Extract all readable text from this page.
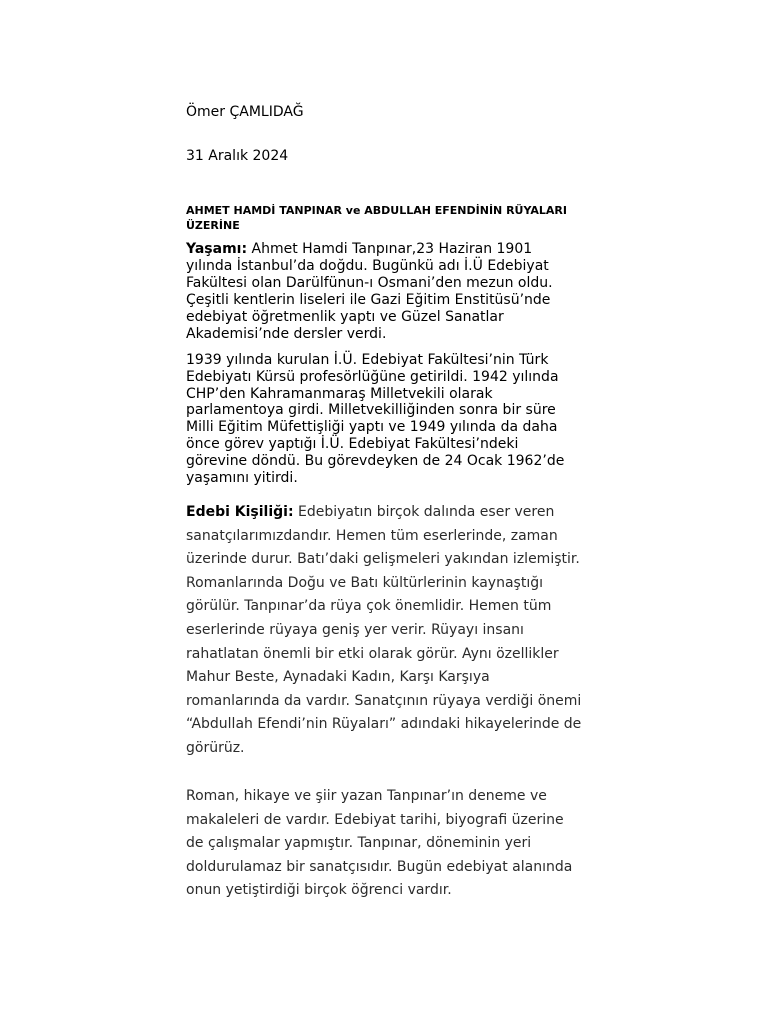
Ömer ÇAMLIDAĞ
31 Aralık 2024
AHMET HAMDİ TANPINAR ve ABDULLAH EFENDİNİN RÜYALARI ÜZERİNE

Yaşamı: Ahmet Hamdi Tanpınar,23 Haziran 1901 yılında İstanbul’da doğdu. Bugünkü adı İ.Ü Edebiyat Fakültesi olan Darülfünun-ı Osmani’den mezun oldu. Çeşitli kentlerin liseleri ile Gazi Eğitim Enstitüsü’nde edebiyat öğretmenlik yaptı ve Güzel Sanatlar Akademisi’nde dersler verdi.

1939 yılında kurulan İ.Ü. Edebiyat Fakültesi’nin Türk Edebiyatı Kürsü profesörlüğüne getirildi. 1942 yılında CHP’den Kahramanmaraş Milletvekili olarak parlamentoya girdi. Milletvekilliğinden sonra bir süre Milli Eğitim Müfettişliği yaptı ve 1949 yılında da daha önce görev yaptığı İ.Ü. Edebiyat Fakültesi’ndeki görevine döndü. Bu görevdeyken de 24 Ocak 1962’de yaşamını yitirdi.

Edebi Kişiliği: Edebiyatın birçok dalında eser veren sanatçılarımızdandır. Hemen tüm eserlerinde, zaman üzerinde durur. Batı’daki gelişmeleri yakından izlemiştir. Romanlarında Doğu ve Batı kültürlerinin kaynaştığı görülür. Tanpınar’da rüya çok önemlidir. Hemen tüm eserlerinde rüyaya geniş yer verir. Rüyayı insanı rahatlatan önemli bir etki olarak görür. Aynı özellikler Mahur Beste, Aynadaki Kadın, Karşı Karşıya romanlarında da vardır. Sanatçının rüyaya verdiği önemi “Abdullah Efendi’nin Rüyaları” adındaki hikayelerinde de görürüz.

Roman, hikaye ve şiir yazan Tanpınar’ın deneme ve makaleleri de vardır. Edebiyat tarihi, biyografi üzerine de çalışmalar yapmıştır. Tanpınar, döneminin yeri doldurulamaz bir sanatçısıdır. Bugün edebiyat alanında onun yetiştirdiği birçok öğrenci vardır.
